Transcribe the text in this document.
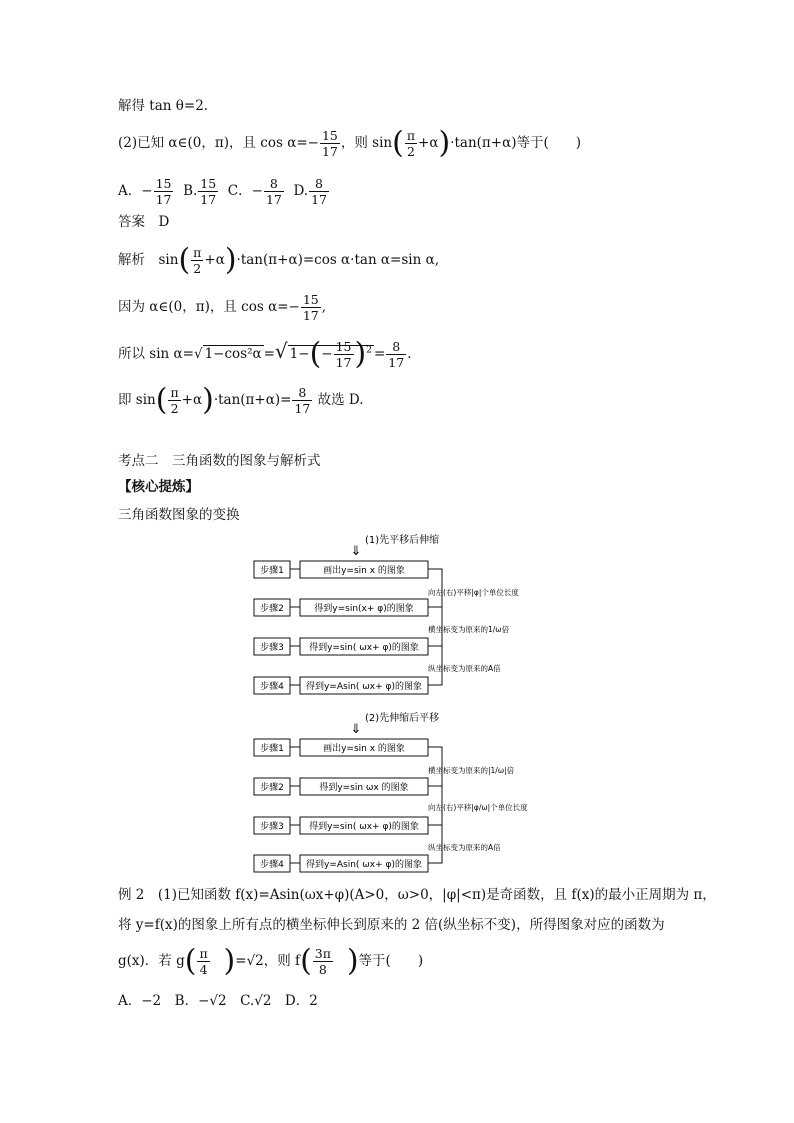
解得 tan θ=2.
(2)已知 α∈(0，π)，且 $\cos \alpha=- \frac{15}{17}$ ，则 $\sin( \frac{\pi}{2} +\alpha)\cdot\tan(\pi+\alpha)$等于(　　)
A．− $\frac{15}{17} B$. $\frac{15}{17}$ C．− $\frac{8}{17} D$. $\frac{8}{17}$
答案　D
解析　$\sin( \frac{\pi}{2} +\alpha)\cdot\tan(\pi+\alpha)=\cos$ α·tan α=sin α,
因为 α∈(0，π)，且 $\cos \alpha=- \frac{15}{17}$ ,
所以 sin α=√ 1−cos²α =√ $1-(- \frac{15}{17} )^2 = \frac{8}{17}$ .
即 $\sin( \frac{\pi}{2} +\alpha)\cdot\tan(\pi+\alpha)= \frac{8}{17}$ 故选 D.
考点二　三角函数的图象与解析式
【核心提炼】
三角函数图象的变换
(1)先平移后伸缩
⇓
步骤1	画出y=sin x 的图象
步骤2	得到y=sin(x+ φ)的图象
步骤3	得到y=sin( ωx+ φ)的图象
步骤4 得到y=Asin( ωx+ φ)的图象
向左(右)平移|φ|个单位长度
横坐标变为原来的1/ω倍
纵坐标变为原来的A倍
(2)先伸缩后平移
⇓
步骤1	画出y=sin x 的图象
步骤2	得到y=sin ωx 的图象
步骤3	得到y=sin( ωx+ φ)的图象
步骤4 得到y=Asin( ωx+ φ)的图象
横坐标变为原来的|1/ω|倍
向左(右)平移|φ/ω|个单位长度
纵坐标变为原来的A倍
例 2　(1)已知函数 f(x)=Asin(ωx+φ)(A>0，ω>0，|φ|<π)是奇函数，且 f(x)的最小正周期为 π，
将 y=f(x)的图象上所有点的横坐标伸长到原来的 2 倍(纵坐标不变)，所得图象对应的函数为
g(x)．若 $g( \frac{\pi}{4} )=√2$，则 $f( \frac{3\pi}{8}$ )等于(　　)
A．−2　B．−√2　C.√2　D．2
